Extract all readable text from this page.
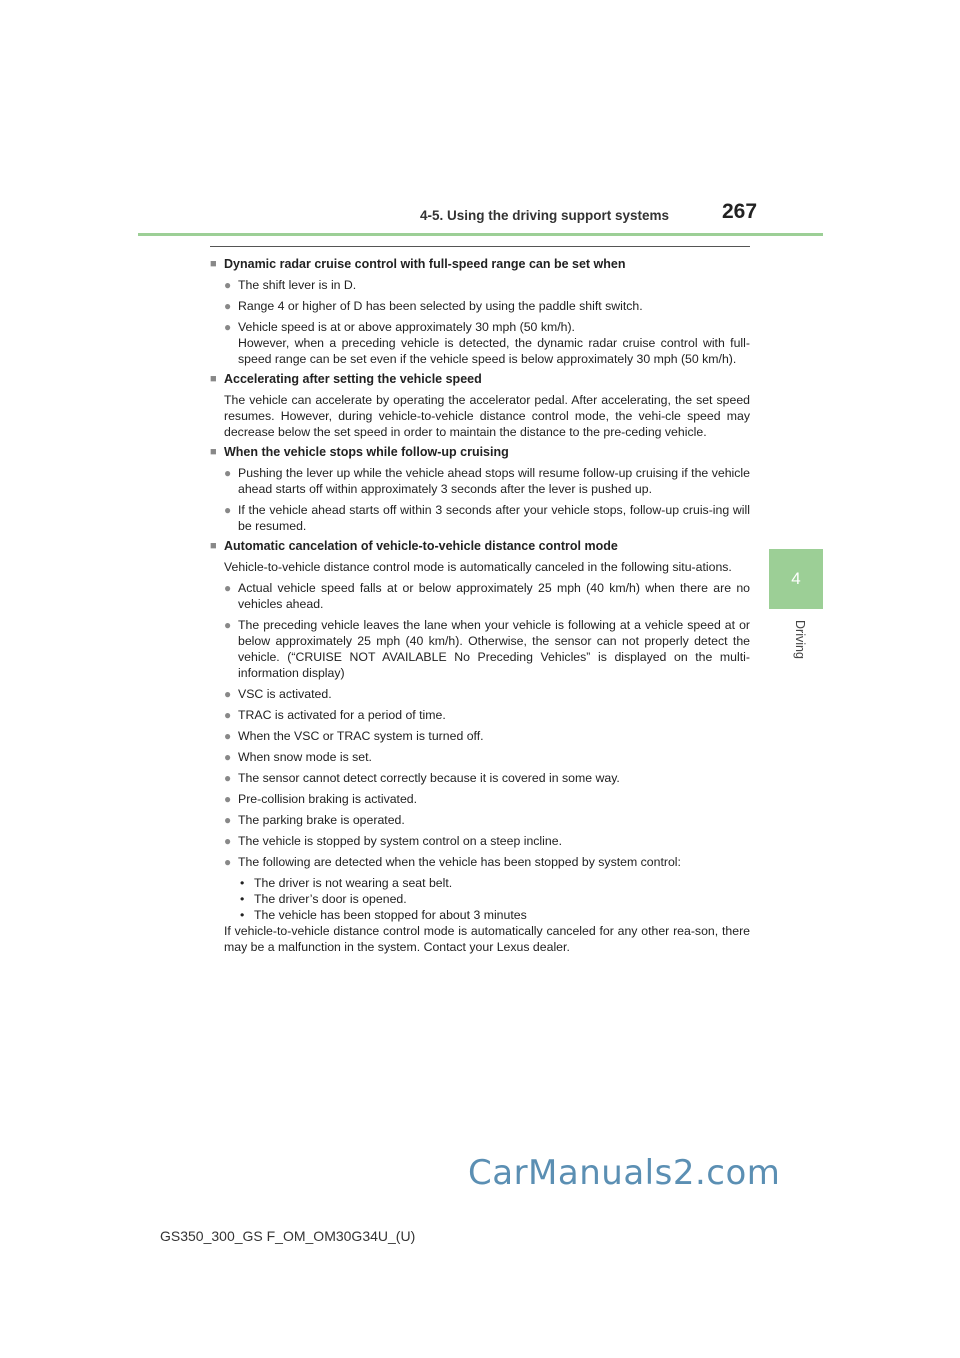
4-5. Using the driving support systems	267
4
Driving
■ Dynamic radar cruise control with full-speed range can be set when
● The shift lever is in D.
● Range 4 or higher of D has been selected by using the paddle shift switch.
● Vehicle speed is at or above approximately 30 mph (50 km/h).
However, when a preceding vehicle is detected, the dynamic radar cruise control with full-speed range can be set even if the vehicle speed is below approximately 30 mph (50 km/h).
■ Accelerating after setting the vehicle speed
The vehicle can accelerate by operating the accelerator pedal. After accelerating, the set speed resumes. However, during vehicle-to-vehicle distance control mode, the vehi-cle speed may decrease below the set speed in order to maintain the distance to the pre-ceding vehicle.
■ When the vehicle stops while follow-up cruising
● Pushing the lever up while the vehicle ahead stops will resume follow-up cruising if the vehicle ahead starts off within approximately 3 seconds after the lever is pushed up.
● If the vehicle ahead starts off within 3 seconds after your vehicle stops, follow-up cruis-ing will be resumed.
■ Automatic cancelation of vehicle-to-vehicle distance control mode
Vehicle-to-vehicle distance control mode is automatically canceled in the following situ-ations.
● Actual vehicle speed falls at or below approximately 25 mph (40 km/h) when there are no vehicles ahead.
● The preceding vehicle leaves the lane when your vehicle is following at a vehicle speed at or below approximately 25 mph (40 km/h). Otherwise, the sensor can not properly detect the vehicle. (“CRUISE NOT AVAILABLE No Preceding Vehicles” is displayed on the multi-information display)
● VSC is activated.
● TRAC is activated for a period of time.
● When the VSC or TRAC system is turned off.
● When snow mode is set.
● The sensor cannot detect correctly because it is covered in some way.
● Pre-collision braking is activated.
● The parking brake is operated.
● The vehicle is stopped by system control on a steep incline.
● The following are detected when the vehicle has been stopped by system control:
• The driver is not wearing a seat belt.
• The driver’s door is opened.
• The vehicle has been stopped for about 3 minutes
If vehicle-to-vehicle distance control mode is automatically canceled for any other rea-son, there may be a malfunction in the system. Contact your Lexus dealer.
CarManuals2.com
GS350_300_GS F_OM_OM30G34U_(U)
